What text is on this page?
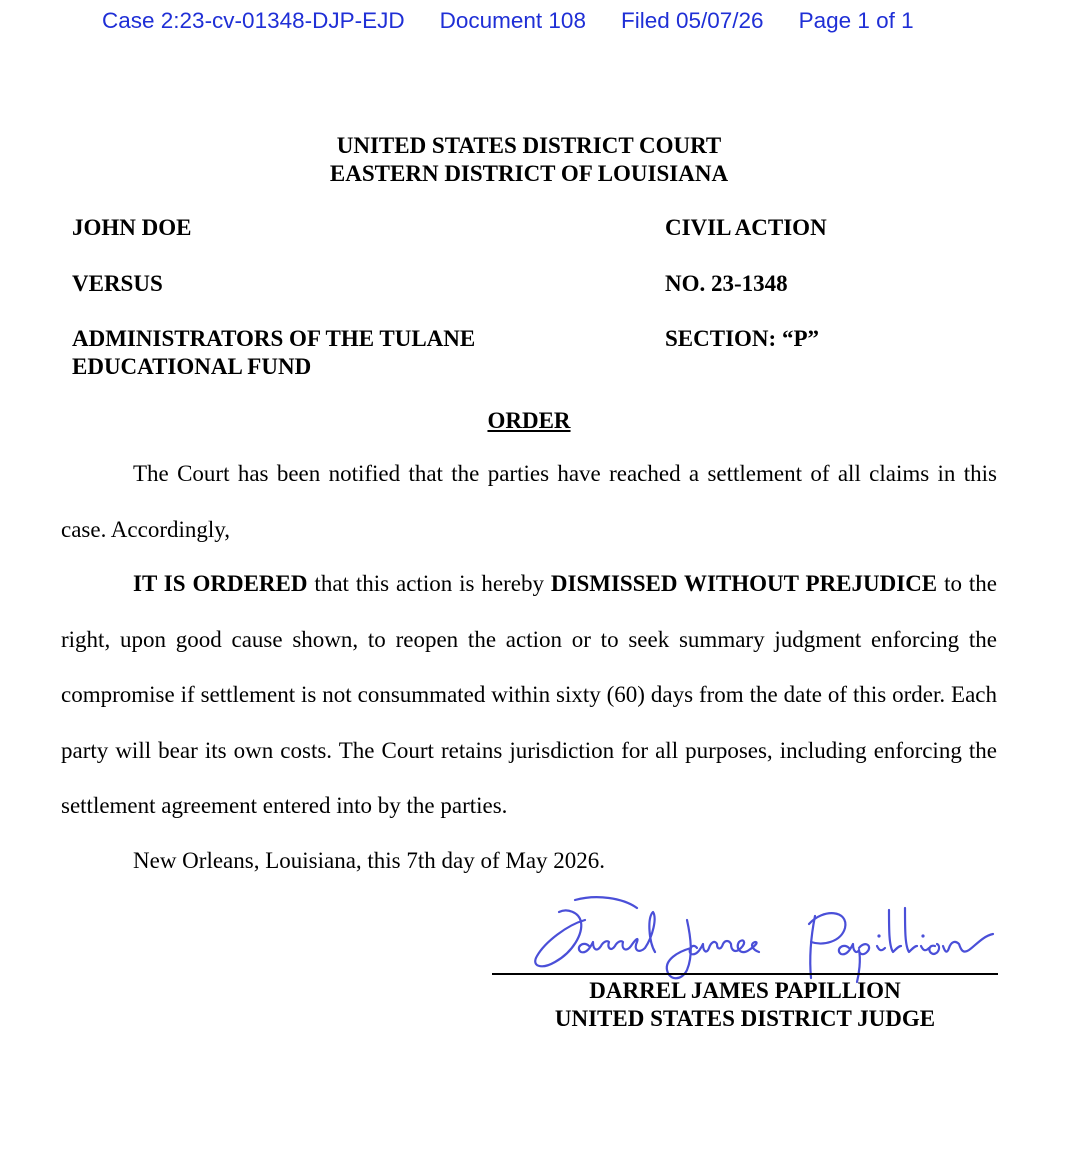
Case 2:23-cv-01348-DJP-EJD Document 108 Filed 05/07/26 Page 1 of 1
UNITED STATES DISTRICT COURT
EASTERN DISTRICT OF LOUISIANA
JOHN DOE
VERSUS
ADMINISTRATORS OF THE TULANE
EDUCATIONAL FUND
CIVIL ACTION
NO. 23-1348
SECTION: “P”
ORDER
The Court has been notified that the parties have reached a settlement of all claims in this case. Accordingly,
IT IS ORDERED that this action is hereby DISMISSED WITHOUT PREJUDICE to the right, upon good cause shown, to reopen the action or to seek summary judgment enforcing the compromise if settlement is not consummated within sixty (60) days from the date of this order. Each party will bear its own costs. The Court retains jurisdiction for all purposes, including enforcing the settlement agreement entered into by the parties.
New Orleans, Louisiana, this 7th day of May 2026.
DARREL JAMES PAPILLION
UNITED STATES DISTRICT JUDGE
